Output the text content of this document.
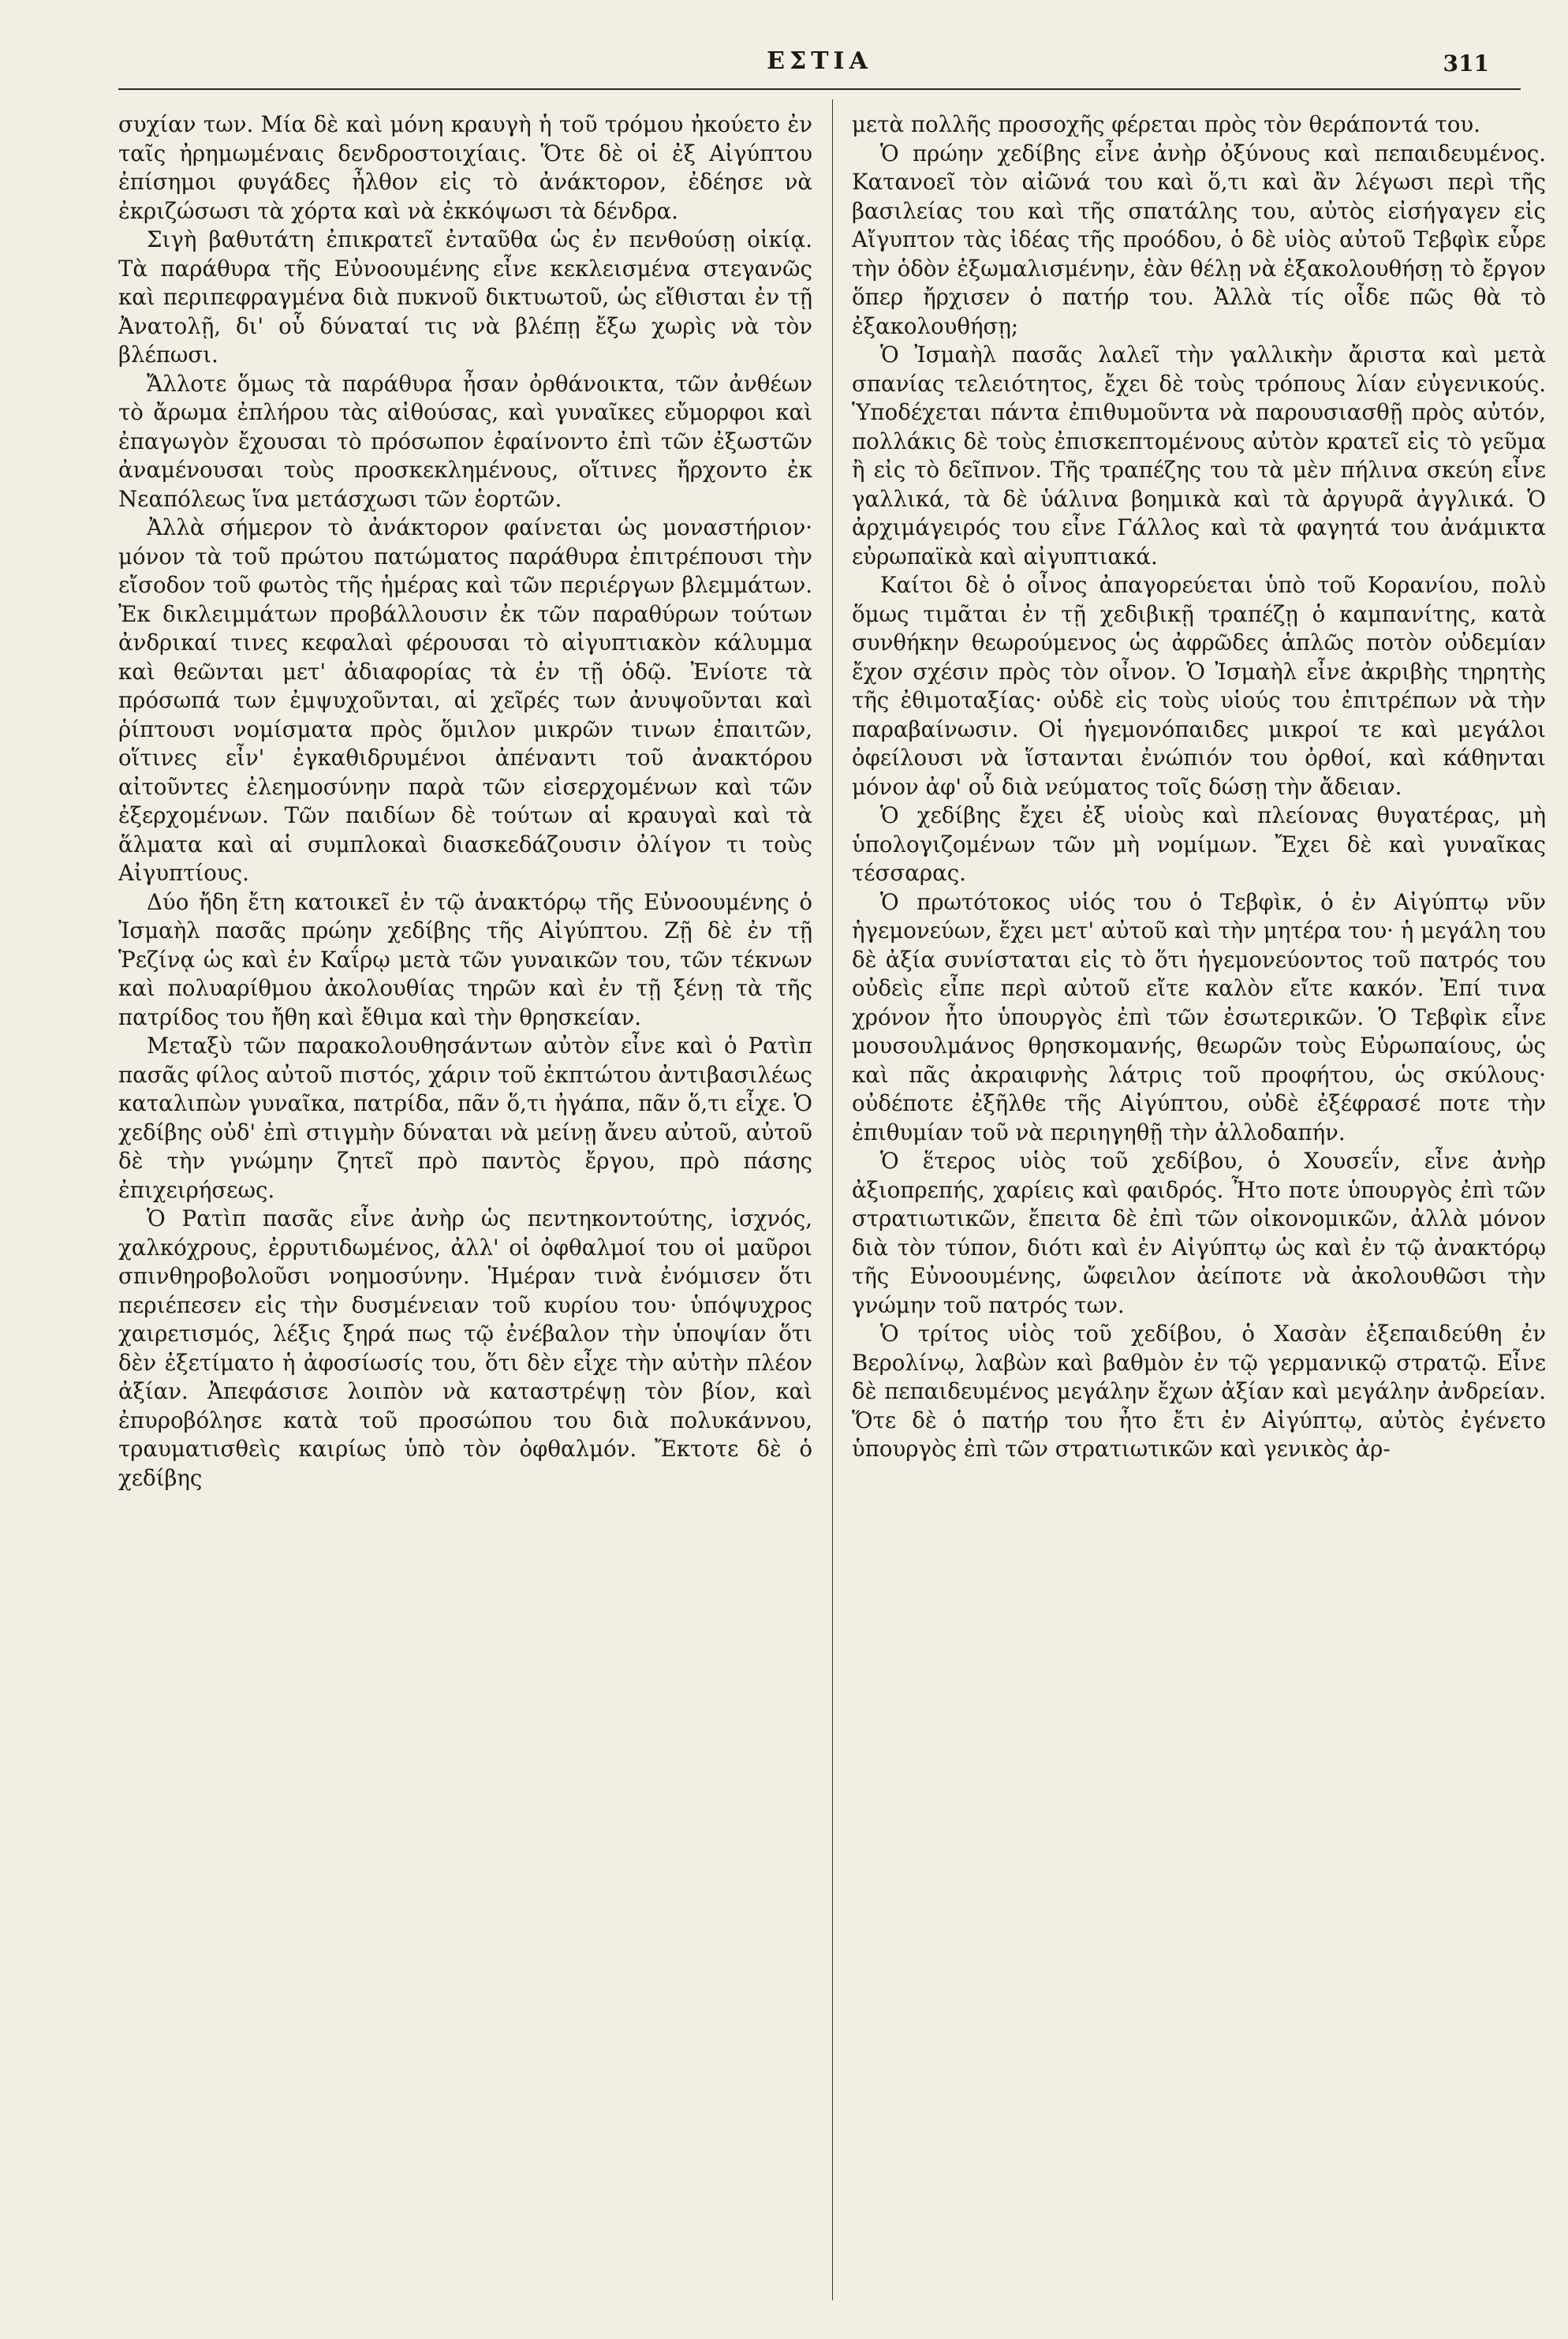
ΕΣΤΙΑ	311

συχίαν των. Μία δὲ καὶ μόνη κραυγὴ ἡ τοῦ τρόμου ἠκούετο ἐν ταῖς ἠρημωμέναις δενδροστοιχίαις. Ὅτε δὲ οἱ ἐξ Αἰγύπτου ἐπίσημοι φυγάδες ἦλθον εἰς τὸ ἀνάκτορον, ἐδέησε νὰ ἐκριζώσωσι τὰ χόρτα καὶ νὰ ἐκκόψωσι τὰ δένδρα.

Σιγὴ βαθυτάτη ἐπικρατεῖ ἐνταῦθα ὡς ἐν πενθούσῃ οἰκίᾳ. Τὰ παράθυρα τῆς Εὐνοουμένης εἶνε κεκλεισμένα στεγανῶς καὶ περιπεφραγμένα διὰ πυκνοῦ δικτυωτοῦ, ὡς εἴθισται ἐν τῇ Ἀνατολῇ, δι' οὗ δύναταί τις νὰ βλέπῃ ἔξω χωρὶς νὰ τὸν βλέπωσι.

Ἄλλοτε ὅμως τὰ παράθυρα ἦσαν ὀρθάνοικτα, τῶν ἀνθέων τὸ ἄρωμα ἐπλήρου τὰς αἰθούσας, καὶ γυναῖκες εὔμορφοι καὶ ἐπαγωγὸν ἔχουσαι τὸ πρόσωπον ἐφαίνοντο ἐπὶ τῶν ἐξωστῶν ἀναμένουσαι τοὺς προσκεκλημένους, οἵτινες ἤρχοντο ἐκ Νεαπόλεως ἵνα μετάσχωσι τῶν ἑορτῶν.

Ἀλλὰ σήμερον τὸ ἀνάκτορον φαίνεται ὡς μοναστήριον· μόνον τὰ τοῦ πρώτου πατώματος παράθυρα ἐπιτρέπουσι τὴν εἴσοδον τοῦ φωτὸς τῆς ἡμέρας καὶ τῶν περιέργων βλεμμάτων. Ἐκ δικλειμμάτων προβάλλουσιν ἐκ τῶν παραθύρων τούτων ἀνδρικαί τινες κεφαλαὶ φέρουσαι τὸ αἰγυπτιακὸν κάλυμμα καὶ θεῶνται μετ' ἀδιαφορίας τὰ ἐν τῇ ὁδῷ. Ἐνίοτε τὰ πρόσωπά των ἐμψυχοῦνται, αἱ χεῖρές των ἀνυψοῦνται καὶ ῥίπτουσι νομίσματα πρὸς ὅμιλον μικρῶν τινων ἐπαιτῶν, οἵτινες εἶν' ἐγκαθιδρυμένοι ἀπέναντι τοῦ ἀνακτόρου αἰτοῦντες ἐλεημοσύνην παρὰ τῶν εἰσερχομένων καὶ τῶν ἐξερχομένων. Τῶν παιδίων δὲ τούτων αἱ κραυγαὶ καὶ τὰ ἅλματα καὶ αἱ συμπλοκαὶ διασκεδάζουσιν ὀλίγον τι τοὺς Αἰγυπτίους.

Δύο ἤδη ἔτη κατοικεῖ ἐν τῷ ἀνακτόρῳ τῆς Εὐνοουμένης ὁ Ἰσμαὴλ πασᾶς πρώην χεδίβης τῆς Αἰγύπτου. Ζῇ δὲ ἐν τῇ Ῥεζίνᾳ ὡς καὶ ἐν Καΐρῳ μετὰ τῶν γυναικῶν του, τῶν τέκνων καὶ πολυαρίθμου ἀκολουθίας τηρῶν καὶ ἐν τῇ ξένῃ τὰ τῆς πατρίδος του ἤθη καὶ ἔθιμα καὶ τὴν θρησκείαν.

Μεταξὺ τῶν παρακολουθησάντων αὐτὸν εἶνε καὶ ὁ Ρατὶπ πασᾶς φίλος αὐτοῦ πιστός, χάριν τοῦ ἐκπτώτου ἀντιβασιλέως καταλιπὼν γυναῖκα, πατρίδα, πᾶν ὅ,τι ἠγάπα, πᾶν ὅ,τι εἶχε. Ὁ χεδίβης οὐδ' ἐπὶ στιγμὴν δύναται νὰ μείνῃ ἄνευ αὐτοῦ, αὐτοῦ δὲ τὴν γνώμην ζητεῖ πρὸ παντὸς ἔργου, πρὸ πάσης ἐπιχειρήσεως.

Ὁ Ρατὶπ πασᾶς εἶνε ἀνὴρ ὡς πεντηκοντούτης, ἰσχνός, χαλκόχρους, ἐρρυτιδωμένος, ἀλλ' οἱ ὀφθαλμοί του οἱ μαῦροι σπινθηροβολοῦσι νοημοσύνην. Ἡμέραν τινὰ ἐνόμισεν ὅτι περιέπεσεν εἰς τὴν δυσμένειαν τοῦ κυρίου του· ὑπόψυχρος χαιρετισμός, λέξις ξηρά πως τῷ ἐνέβαλον τὴν ὑποψίαν ὅτι δὲν ἐξετίματο ἡ ἀφοσίωσίς του, ὅτι δὲν εἶχε τὴν αὐτὴν πλέον ἀξίαν. Ἀπεφάσισε λοιπὸν νὰ καταστρέψῃ τὸν βίον, καὶ ἐπυροβόλησε κατὰ τοῦ προσώπου του διὰ πολυκάννου, τραυματισθεὶς καιρίως ὑπὸ τὸν ὀφθαλμόν. Ἔκτοτε δὲ ὁ χεδίβης

μετὰ πολλῆς προσοχῆς φέρεται πρὸς τὸν θεράποντά του.

Ὁ πρώην χεδίβης εἶνε ἀνὴρ ὀξύνους καὶ πεπαιδευμένος. Κατανοεῖ τὸν αἰῶνά του καὶ ὅ,τι καὶ ἂν λέγωσι περὶ τῆς βασιλείας του καὶ τῆς σπατάλης του, αὐτὸς εἰσήγαγεν εἰς Αἴγυπτον τὰς ἰδέας τῆς προόδου, ὁ δὲ υἱὸς αὐτοῦ Τεβφὶκ εὗρε τὴν ὁδὸν ἐξωμαλισμένην, ἐὰν θέλῃ νὰ ἐξακολουθήσῃ τὸ ἔργον ὅπερ ἤρχισεν ὁ πατήρ του. Ἀλλὰ τίς οἶδε πῶς θὰ τὸ ἐξακολουθήσῃ;

Ὁ Ἰσμαὴλ πασᾶς λαλεῖ τὴν γαλλικὴν ἄριστα καὶ μετὰ σπανίας τελειότητος, ἔχει δὲ τοὺς τρόπους λίαν εὐγενικούς. Ὑποδέχεται πάντα ἐπιθυμοῦντα νὰ παρουσιασθῇ πρὸς αὐτόν, πολλάκις δὲ τοὺς ἐπισκεπτομένους αὐτὸν κρατεῖ εἰς τὸ γεῦμα ἢ εἰς τὸ δεῖπνον. Τῆς τραπέζης του τὰ μὲν πήλινα σκεύη εἶνε γαλλικά, τὰ δὲ ὑάλινα βοημικὰ καὶ τὰ ἀργυρᾶ ἀγγλικά. Ὁ ἀρχιμάγειρός του εἶνε Γάλλος καὶ τὰ φαγητά του ἀνάμικτα εὐρωπαϊκὰ καὶ αἰγυπτιακά.

Καίτοι δὲ ὁ οἶνος ἀπαγορεύεται ὑπὸ τοῦ Κορανίου, πολὺ ὅμως τιμᾶται ἐν τῇ χεδιβικῇ τραπέζῃ ὁ καμπανίτης, κατὰ συνθήκην θεωρούμενος ὡς ἀφρῶδες ἁπλῶς ποτὸν οὐδεμίαν ἔχον σχέσιν πρὸς τὸν οἶνον. Ὁ Ἰσμαὴλ εἶνε ἀκριβὴς τηρητὴς τῆς ἐθιμοταξίας· οὐδὲ εἰς τοὺς υἱούς του ἐπιτρέπων νὰ τὴν παραβαίνωσιν. Οἱ ἡγεμονόπαιδες μικροί τε καὶ μεγάλοι ὀφείλουσι νὰ ἵστανται ἐνώπιόν του ὀρθοί, καὶ κάθηνται μόνον ἀφ' οὗ διὰ νεύματος τοῖς δώσῃ τὴν ἄδειαν.

Ὁ χεδίβης ἔχει ἐξ υἱοὺς καὶ πλείονας θυγατέρας, μὴ ὑπολογιζομένων τῶν μὴ νομίμων. Ἔχει δὲ καὶ γυναῖκας τέσσαρας.

Ὁ πρωτότοκος υἱός του ὁ Τεβφὶκ, ὁ ἐν Αἰγύπτῳ νῦν ἡγεμονεύων, ἔχει μετ' αὐτοῦ καὶ τὴν μητέρα του· ἡ μεγάλη του δὲ ἀξία συνίσταται εἰς τὸ ὅτι ἡγεμονεύοντος τοῦ πατρός του οὐδεὶς εἶπε περὶ αὐτοῦ εἴτε καλὸν εἴτε κακόν. Ἐπί τινα χρόνον ἦτο ὑπουργὸς ἐπὶ τῶν ἐσωτερικῶν. Ὁ Τεβφὶκ εἶνε μουσουλμάνος θρησκομανής, θεωρῶν τοὺς Εὐρωπαίους, ὡς καὶ πᾶς ἀκραιφνὴς λάτρις τοῦ προφήτου, ὡς σκύλους· οὐδέποτε ἐξῆλθε τῆς Αἰγύπτου, οὐδὲ ἐξέφρασέ ποτε τὴν ἐπιθυμίαν τοῦ νὰ περιηγηθῇ τὴν ἀλλοδαπήν.

Ὁ ἕτερος υἱὸς τοῦ χεδίβου, ὁ Χουσεΐν, εἶνε ἀνὴρ ἀξιοπρεπής, χαρίεις καὶ φαιδρός. Ἦτο ποτε ὑπουργὸς ἐπὶ τῶν στρατιωτικῶν, ἔπειτα δὲ ἐπὶ τῶν οἰκονομικῶν, ἀλλὰ μόνον διὰ τὸν τύπον, διότι καὶ ἐν Αἰγύπτῳ ὡς καὶ ἐν τῷ ἀνακτόρῳ τῆς Εὐνοουμένης, ὤφειλον ἀείποτε νὰ ἀκολουθῶσι τὴν γνώμην τοῦ πατρός των.

Ὁ τρίτος υἱὸς τοῦ χεδίβου, ὁ Χασὰν ἐξεπαιδεύθη ἐν Βερολίνῳ, λαβὼν καὶ βαθμὸν ἐν τῷ γερμανικῷ στρατῷ. Εἶνε δὲ πεπαιδευμένος μεγάλην ἔχων ἀξίαν καὶ μεγάλην ἀνδρείαν. Ὅτε δὲ ὁ πατήρ του ἦτο ἔτι ἐν Αἰγύπτῳ, αὐτὸς ἐγένετο ὑπουργὸς ἐπὶ τῶν στρατιωτικῶν καὶ γενικὸς ἀρ-
